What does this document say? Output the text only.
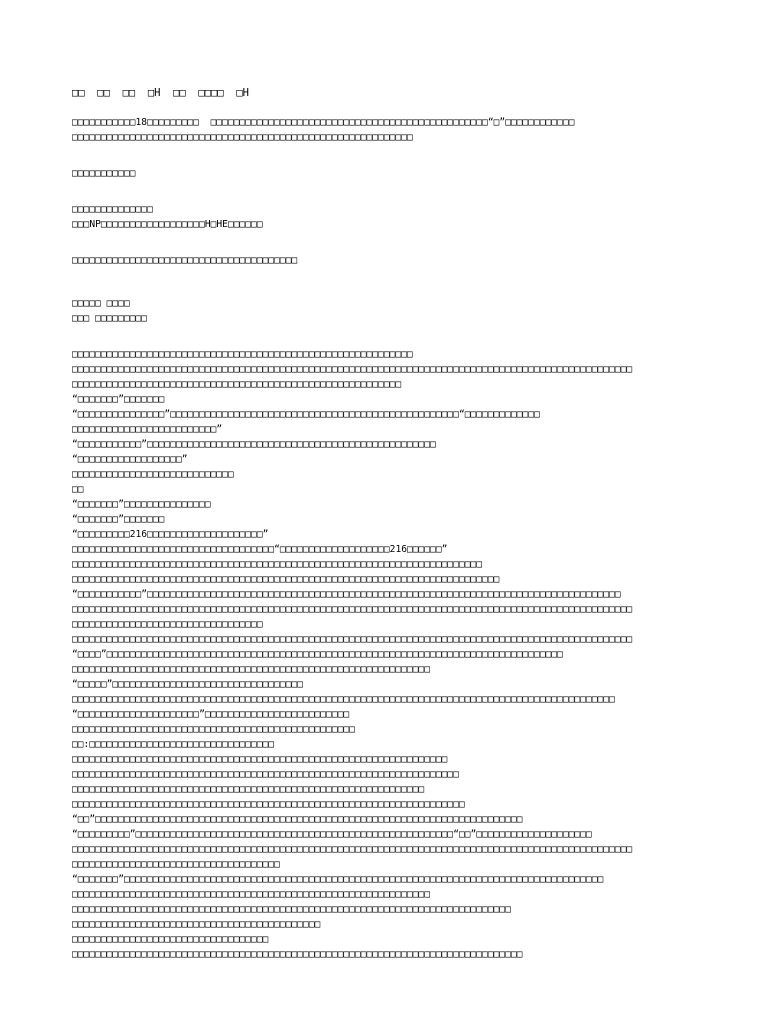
□□  □□  □□  □H  □□  □□□□  □H
□□□□□□□□□□□18□□□□□□□□□  □□□□□□□□□□□□□□□□□□□□□□□□□□□□□□□□□□□□□□□□□□□□□□□□“□”□□□□□□□□□□□□
□□□□□□□□□□□□□□□□□□□□□□□□□□□□□□□□□□□□□□□□□□□□□□□□□□□□□□□□□□□
□□□□□□□□□□□
□□□□□□□□□□□□□□
□□□NP□□□□□□□□□□□□□□□□□□H□HE□□□□□□
□□□□□□□□□□□□□□□□□□□□□□□□□□□□□□□□□□□□□□□
□□□□□ □□□□
□□□ □□□□□□□□□
□□□□□□□□□□□□□□□□□□□□□□□□□□□□□□□□□□□□□□□□□□□□□□□□□□□□□□□□□□□
□□□□□□□□□□□□□□□□□□□□□□□□□□□□□□□□□□□□□□□□□□□□□□□□□□□□□□□□□□□□□□□□□□□□□□□□□□□□□□□□□□□□□□□□□□□□□□□□□
□□□□□□□□□□□□□□□□□□□□□□□□□□□□□□□□□□□□□□□□□□□□□□□□□□□□□□□□□
“□□□□□□□”□□□□□□□
“□□□□□□□□□□□□□□□”□□□□□□□□□□□□□□□□□□□□□□□□□□□□□□□□□□□□□□□□□□□□□□□□□□“□□□□□□□□□□□□□
□□□□□□□□□□□□□□□□□□□□□□□□□”
“□□□□□□□□□□□”□□□□□□□□□□□□□□□□□□□□□□□□□□□□□□□□□□□□□□□□□□□□□□□□□□
“□□□□□□□□□□□□□□□□□□”
□□□□□□□□□□□□□□□□□□□□□□□□□□□□
□□
“□□□□□□□”□□□□□□□□□□□□□□□
“□□□□□□□”□□□□□□□
“□□□□□□□□□216□□□□□□□□□□□□□□□□□□□□”
□□□□□□□□□□□□□□□□□□□□□□□□□□□□□□□□□□□“□□□□□□□□□□□□□□□□□□□216□□□□□□”
□□□□□□□□□□□□□□□□□□□□□□□□□□□□□□□□□□□□□□□□□□□□□□□□□□□□□□□□□□□□□□□□□□□□□□□
□□□□□□□□□□□□□□□□□□□□□□□□□□□□□□□□□□□□□□□□□□□□□□□□□□□□□□□□□□□□□□□□□□□□□□□□□□
“□□□□□□□□□□□”□□□□□□□□□□□□□□□□□□□□□□□□□□□□□□□□□□□□□□□□□□□□□□□□□□□□□□□□□□□□□□□□□□□□□□□□□□□□□□□□□□
□□□□□□□□□□□□□□□□□□□□□□□□□□□□□□□□□□□□□□□□□□□□□□□□□□□□□□□□□□□□□□□□□□□□□□□□□□□□□□□□□□□□□□□□□□□□□□□□□
□□□□□□□□□□□□□□□□□□□□□□□□□□□□□□□□□
□□□□□□□□□□□□□□□□□□□□□□□□□□□□□□□□□□□□□□□□□□□□□□□□□□□□□□□□□□□□□□□□□□□□□□□□□□□□□□□□□□□□□□□□□□□□□□□□□
“□□□□”□□□□□□□□□□□□□□□□□□□□□□□□□□□□□□□□□□□□□□□□□□□□□□□□□□□□□□□□□□□□□□□□□□□□□□□□□□□□□□□
□□□□□□□□□□□□□□□□□□□□□□□□□□□□□□□□□□□□□□□□□□□□□□□□□□□□□□□□□□□□□□
“□□□□□”□□□□□□□□□□□□□□□□□□□□□□□□□□□□□□□□□
□□□□□□□□□□□□□□□□□□□□□□□□□□□□□□□□□□□□□□□□□□□□□□□□□□□□□□□□□□□□□□□□□□□□□□□□□□□□□□□□□□□□□□□□□□□□□□
“□□□□□□□□□□□□□□□□□□□□□”□□□□□□□□□□□□□□□□□□□□□□□□□
□□□□□□□□□□□□□□□□□□□□□□□□□□□□□□□□□□□□□□□□□□□□□□□□□
□□:□□□□□□□□□□□□□□□□□□□□□□□□□□□□□□□□
□□□□□□□□□□□□□□□□□□□□□□□□□□□□□□□□□□□□□□□□□□□□□□□□□□□□□□□□□□□□□□□□□
□□□□□□□□□□□□□□□□□□□□□□□□□□□□□□□□□□□□□□□□□□□□□□□□□□□□□□□□□□□□□□□□□□□
□□□□□□□□□□□□□□□□□□□□□□□□□□□□□□□□□□□□□□□□□□□□□□□□□□□□□□□□□□□□□
□□□□□□□□□□□□□□□□□□□□□□□□□□□□□□□□□□□□□□□□□□□□□□□□□□□□□□□□□□□□□□□□□□□□
“□□”□□□□□□□□□□□□□□□□□□□□□□□□□□□□□□□□□□□□□□□□□□□□□□□□□□□□□□□□□□□□□□□□□□□□□□□□□□
“□□□□□□□□□”□□□□□□□□□□□□□□□□□□□□□□□□□□□□□□□□□□□□□□□□□□□□□□□□□□□□□□□“□□”□□□□□□□□□□□□□□□□□□□□
□□□□□□□□□□□□□□□□□□□□□□□□□□□□□□□□□□□□□□□□□□□□□□□□□□□□□□□□□□□□□□□□□□□□□□□□□□□□□□□□□□□□□□□□□□□□□□□□□
□□□□□□□□□□□□□□□□□□□□□□□□□□□□□□□□□□□□
“□□□□□□□”□□□□□□□□□□□□□□□□□□□□□□□□□□□□□□□□□□□□□□□□□□□□□□□□□□□□□□□□□□□□□□□□□□□□□□□□□□□□□□□□□□□
□□□□□□□□□□□□□□□□□□□□□□□□□□□□□□□□□□□□□□□□□□□□□□□□□□□□□□□□□□□□□□
□□□□□□□□□□□□□□□□□□□□□□□□□□□□□□□□□□□□□□□□□□□□□□□□□□□□□□□□□□□□□□□□□□□□□□□□□□□□
□□□□□□□□□□□□□□□□□□□□□□□□□□□□□□□□□□□□□□□□□□□
□□□□□□□□□□□□□□□□□□□□□□□□□□□□□□□□□□
□□□□□□□□□□□□□□□□□□□□□□□□□□□□□□□□□□□□□□□□□□□□□□□□□□□□□□□□□□□□□□□□□□□□□□□□□□□□□□
